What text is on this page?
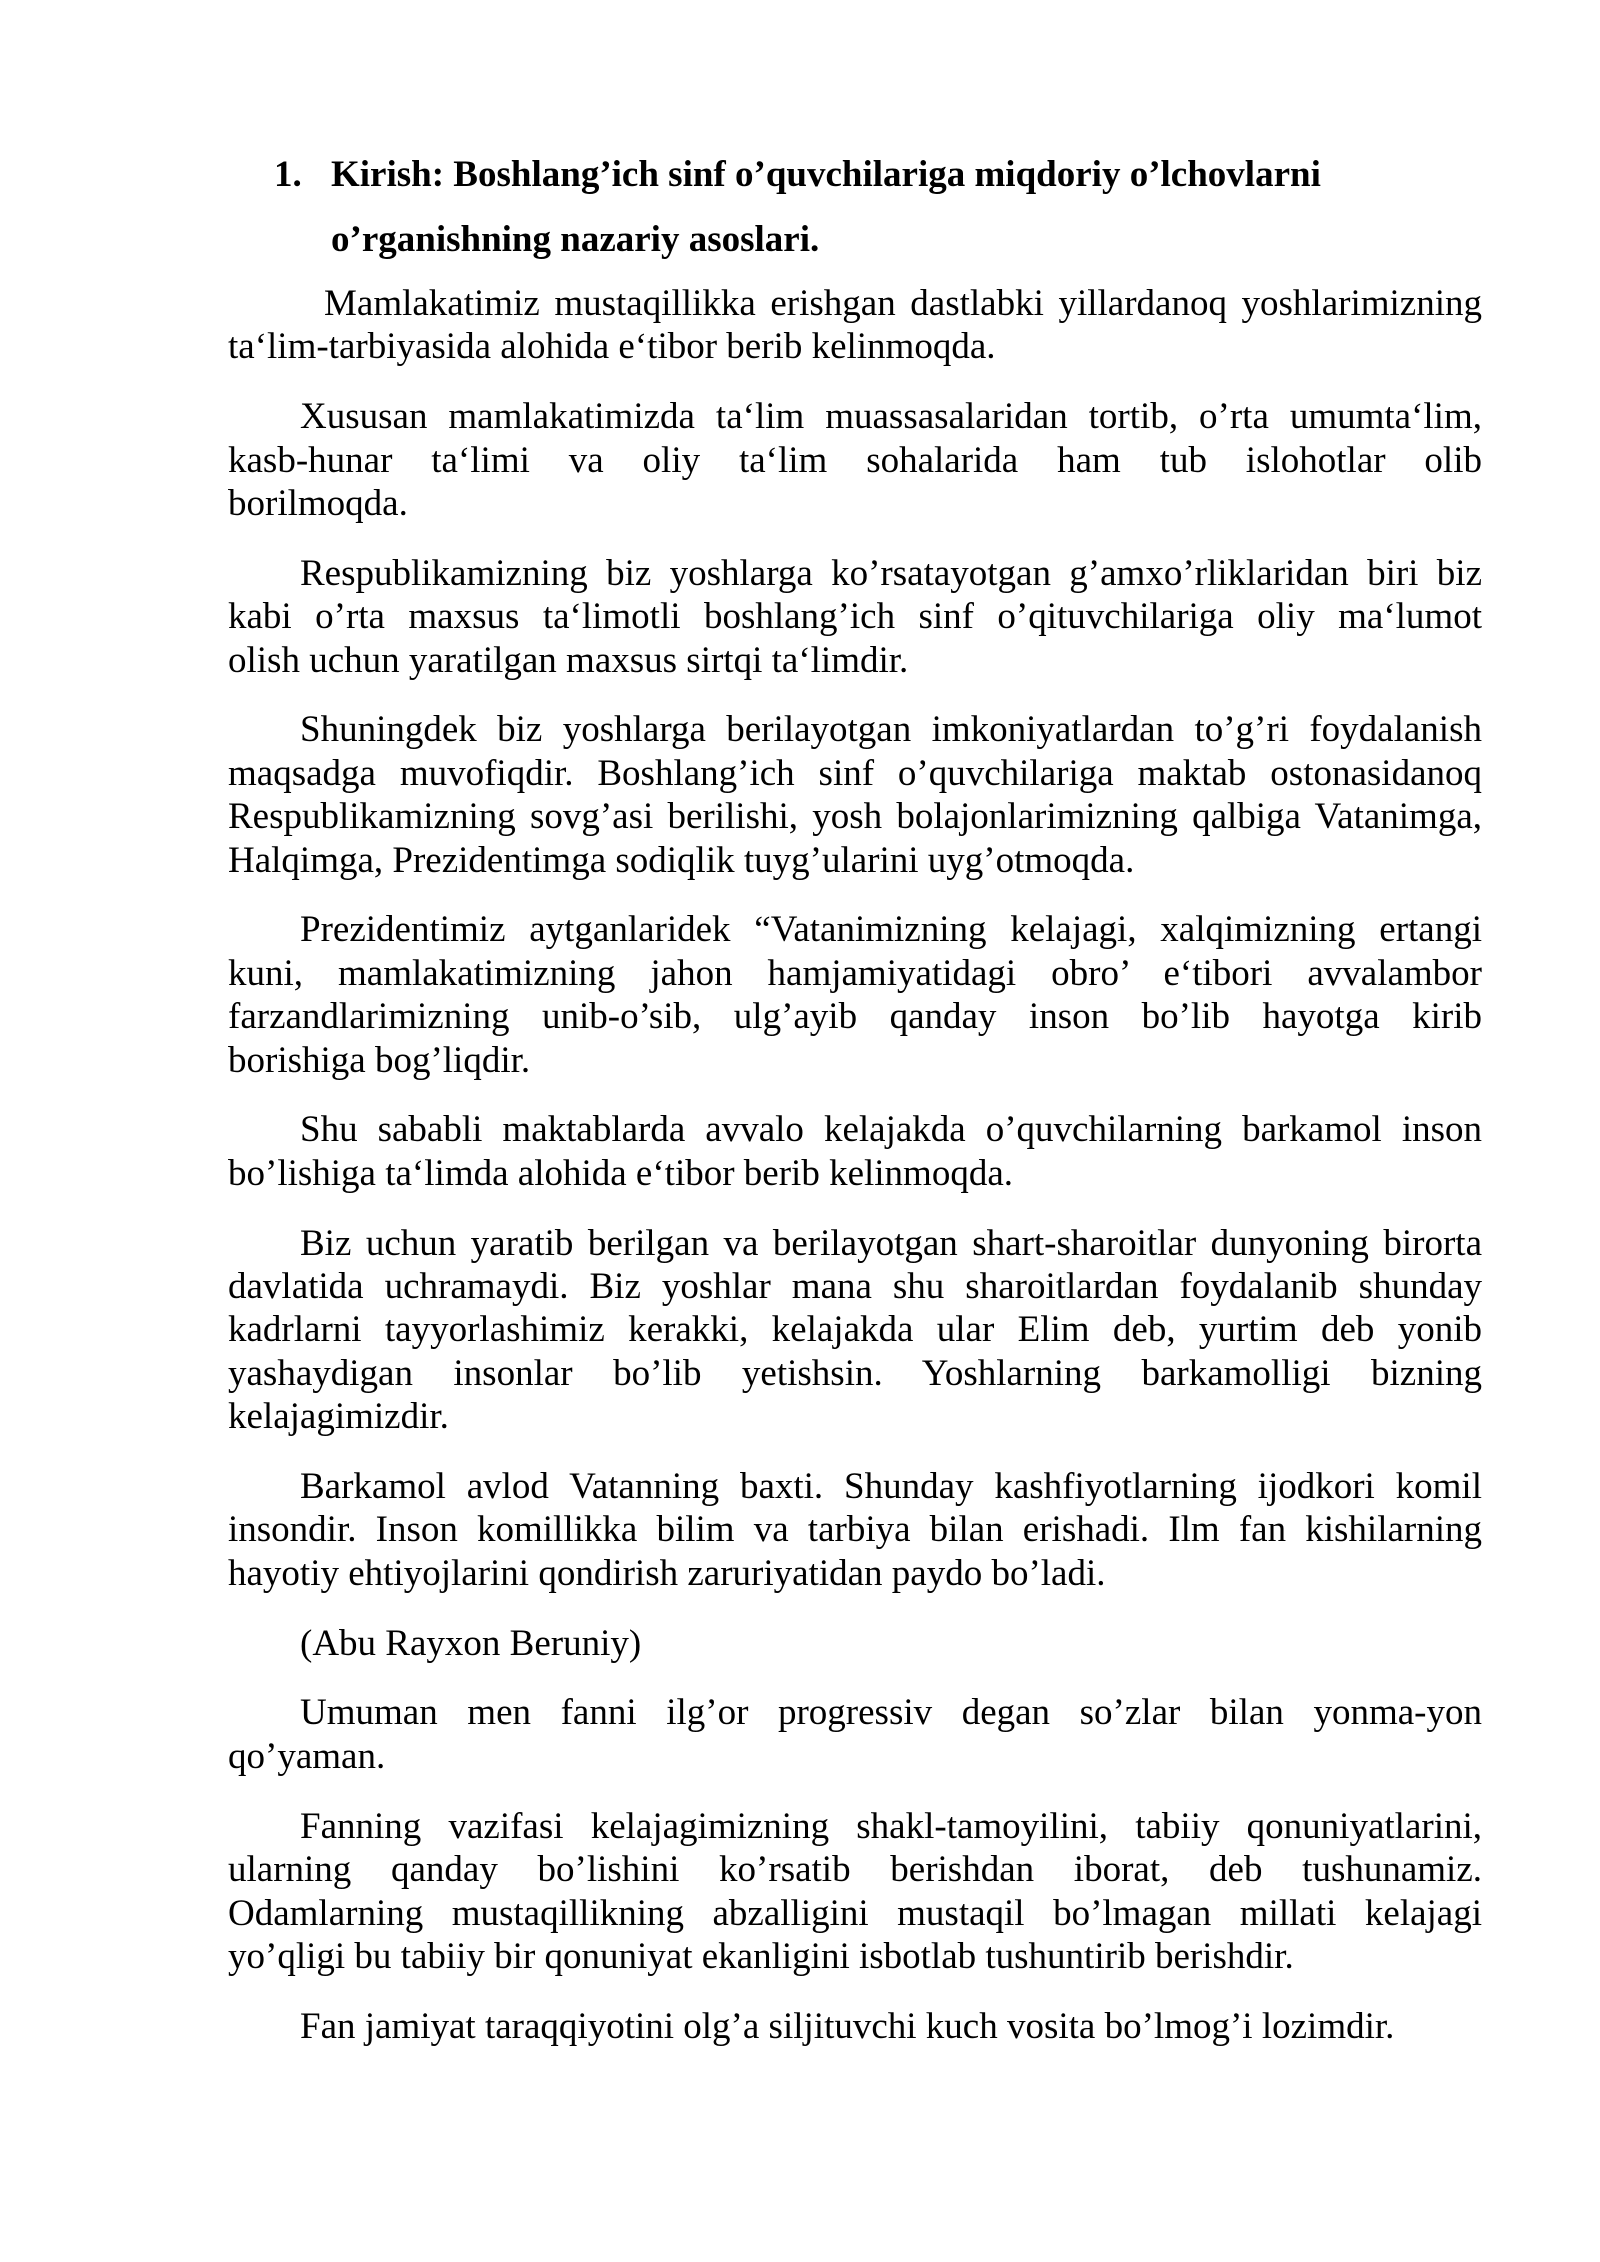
1. Kirish: Boshlang’ich sinf o’quvchilariga miqdoriy o’lchovlarni
o’rganishning nazariy asoslari.

Mamlakatimiz mustaqillikka erishgan dastlabki yillardanoq yoshlarimizning
ta‘lim-tarbiyasida alohida e‘tibor berib kelinmoqda.

Xususan mamlakatimizda ta‘lim muassasalaridan tortib, o’rta umumta‘lim,
kasb-hunar ta‘limi va oliy ta‘lim sohalarida ham tub islohotlar olib
borilmoqda.

Respublikamizning biz yoshlarga ko’rsatayotgan g’amxo’rliklaridan biri biz
kabi o’rta maxsus ta‘limotli boshlang’ich sinf o’qituvchilariga oliy ma‘lumot
olish uchun yaratilgan maxsus sirtqi ta‘limdir.

Shuningdek biz yoshlarga berilayotgan imkoniyatlardan to’g’ri foydalanish
maqsadga muvofiqdir. Boshlang’ich sinf o’quvchilariga maktab ostonasidanoq
Respublikamizning sovg’asi berilishi, yosh bolajonlarimizning qalbiga Vatanimga,
Halqimga, Prezidentimga sodiqlik tuyg’ularini uyg’otmoqda.

Prezidentimiz aytganlaridek “Vatanimizning kelajagi, xalqimizning ertangi
kuni, mamlakatimizning jahon hamjamiyatidagi obro’ e‘tibori avvalambor
farzandlarimizning unib-o’sib, ulg’ayib qanday inson bo’lib hayotga kirib
borishiga bog’liqdir.

Shu sababli maktablarda avvalo kelajakda o’quvchilarning barkamol inson
bo’lishiga ta‘limda alohida e‘tibor berib kelinmoqda.

Biz uchun yaratib berilgan va berilayotgan shart-sharoitlar dunyoning birorta
davlatida uchramaydi. Biz yoshlar mana shu sharoitlardan foydalanib shunday
kadrlarni tayyorlashimiz kerakki, kelajakda ular Elim deb, yurtim deb yonib
yashaydigan insonlar bo’lib yetishsin. Yoshlarning barkamolligi bizning
kelajagimizdir.

Barkamol avlod Vatanning baxti. Shunday kashfiyotlarning ijodkori komil
insondir. Inson komillikka bilim va tarbiya bilan erishadi. Ilm fan kishilarning
hayotiy ehtiyojlarini qondirish zaruriyatidan paydo bo’ladi.

(Abu Rayxon Beruniy)

Umuman men fanni ilg’or progressiv degan so’zlar bilan yonma-yon
qo’yaman.

Fanning vazifasi kelajagimizning shakl-tamoyilini, tabiiy qonuniyatlarini,
ularning qanday bo’lishini ko’rsatib berishdan iborat, deb tushunamiz.
Odamlarning mustaqillikning abzalligini mustaqil bo’lmagan millati kelajagi
yo’qligi bu tabiiy bir qonuniyat ekanligini isbotlab tushuntirib berishdir.

Fan jamiyat taraqqiyotini olg’a siljituvchi kuch vosita bo’lmog’i lozimdir.
